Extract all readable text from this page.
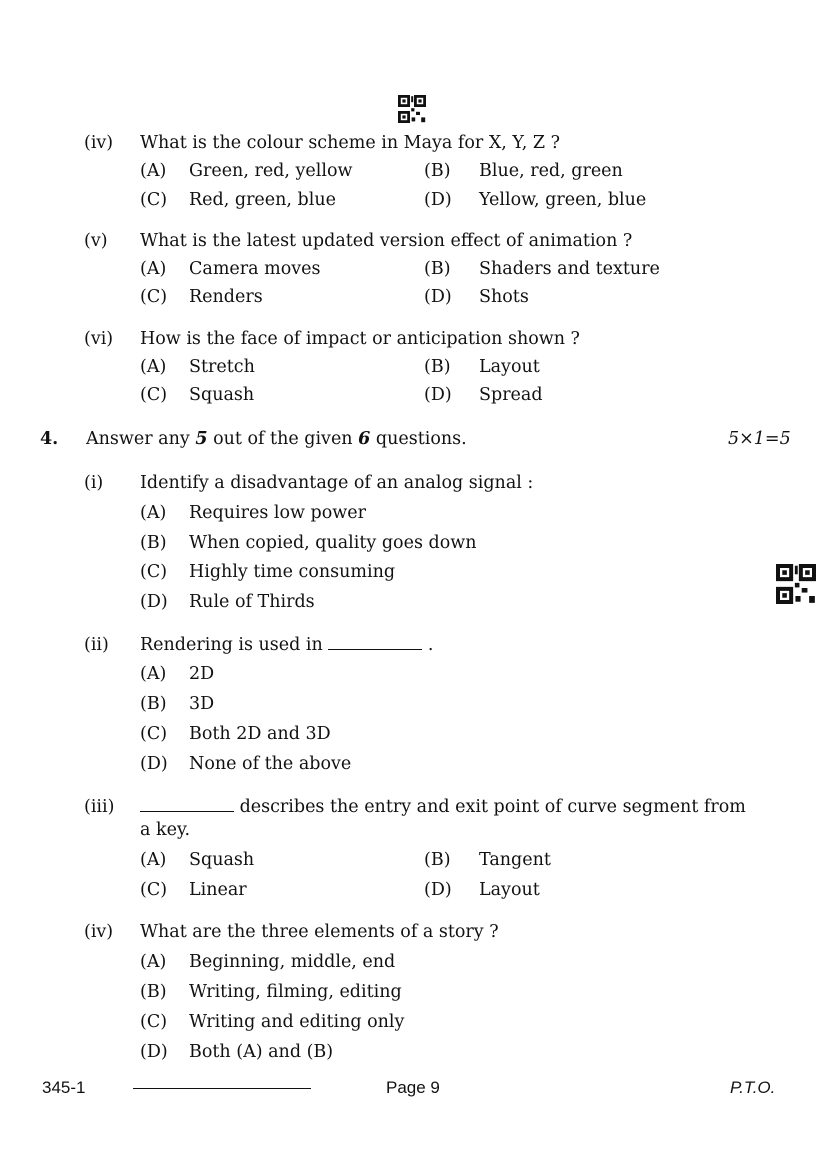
(iv) What is the colour scheme in Maya for X, Y, Z ?
(A) Green, red, yellow	(B) Blue, red, green
(C) Red, green, blue	(D) Yellow, green, blue
(v) What is the latest updated version effect of animation ?
(A) Camera moves	(B) Shaders and texture
(C) Renders	(D) Shots
(vi) How is the face of impact or anticipation shown ?
(A) Stretch	(B) Layout
(C) Squash	(D) Spread
4. Answer any 5 out of the given 6 questions.	5×1=5
(i) Identify a disadvantage of an analog signal :
(A) Requires low power
(B) When copied, quality goes down
(C) Highly time consuming
(D) Rule of Thirds
(ii) Rendering is used in	.
(A) 2D
(B) 3D
(C) Both 2D and 3D
(D) None of the above
(iii)	describes the entry and exit point of curve segment from
a key.
(A) Squash	(B) Tangent
(C) Linear	(D) Layout
(iv) What are the three elements of a story ?
(A) Beginning, middle, end
(B) Writing, filming, editing
(C) Writing and editing only
(D) Both (A) and (B)
345-1	Page 9	P.T.O.
